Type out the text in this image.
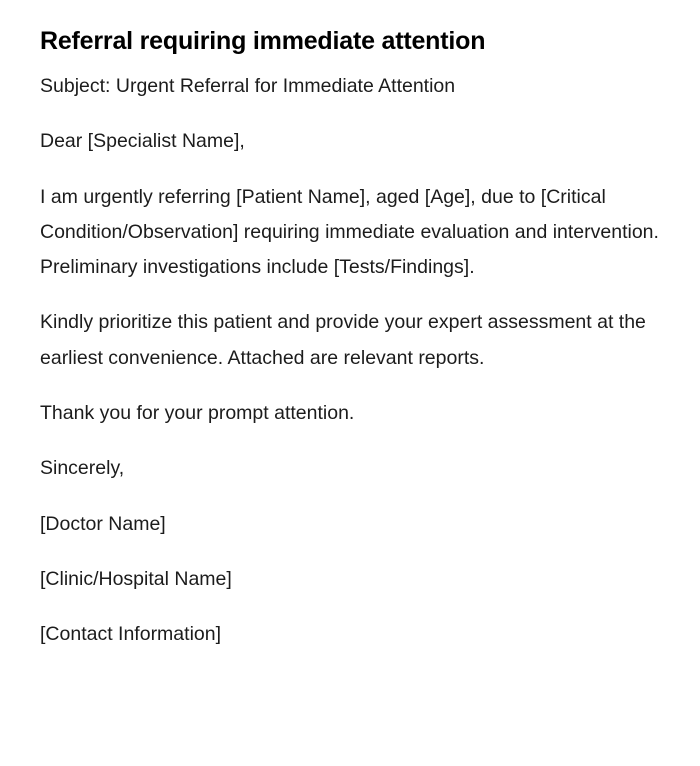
Referral requiring immediate attention

Subject: Urgent Referral for Immediate Attention

Dear [Specialist Name],

I am urgently referring [Patient Name], aged [Age], due to [Critical Condition/Observation] requiring immediate evaluation and intervention. Preliminary investigations include [Tests/Findings].

Kindly prioritize this patient and provide your expert assessment at the earliest convenience. Attached are relevant reports.

Thank you for your prompt attention.

Sincerely,

[Doctor Name]

[Clinic/Hospital Name]

[Contact Information]
